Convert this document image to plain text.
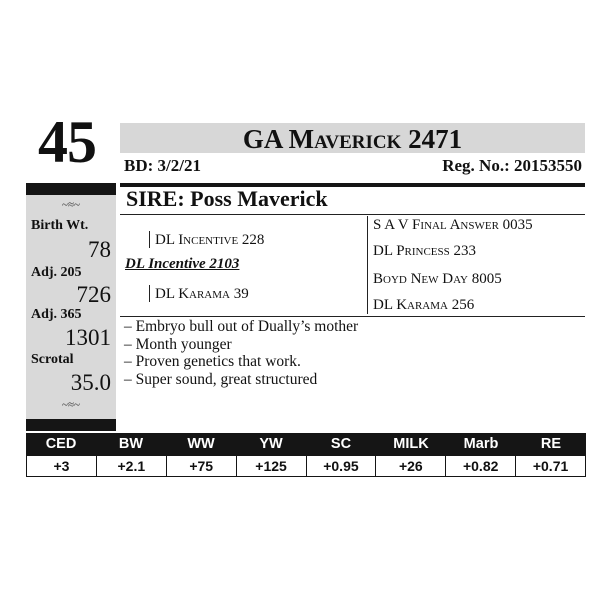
45	GA Maverick 2471
BD: 3/2/21	Reg. No.: 20153550
~≈~
Birth Wt.
78
Adj. 205
726
Adj. 365
1301
Scrotal
35.0
~≈~
SIRE: Poss Maverick
DL Incentive 228
DL Incentive 2103
DL Karama 39
S A V Final Answer 0035
DL Princess 233
Boyd New Day 8005
DL Karama 256
– Embryo bull out of Dually’s mother
– Month younger
– Proven genetics that work.
– Super sound, great structured
CED	BW	WW	YW	SC	MILK	Marb	RE
+3	+2.1	+75	+125	+0.95	+26	+0.82	+0.71
